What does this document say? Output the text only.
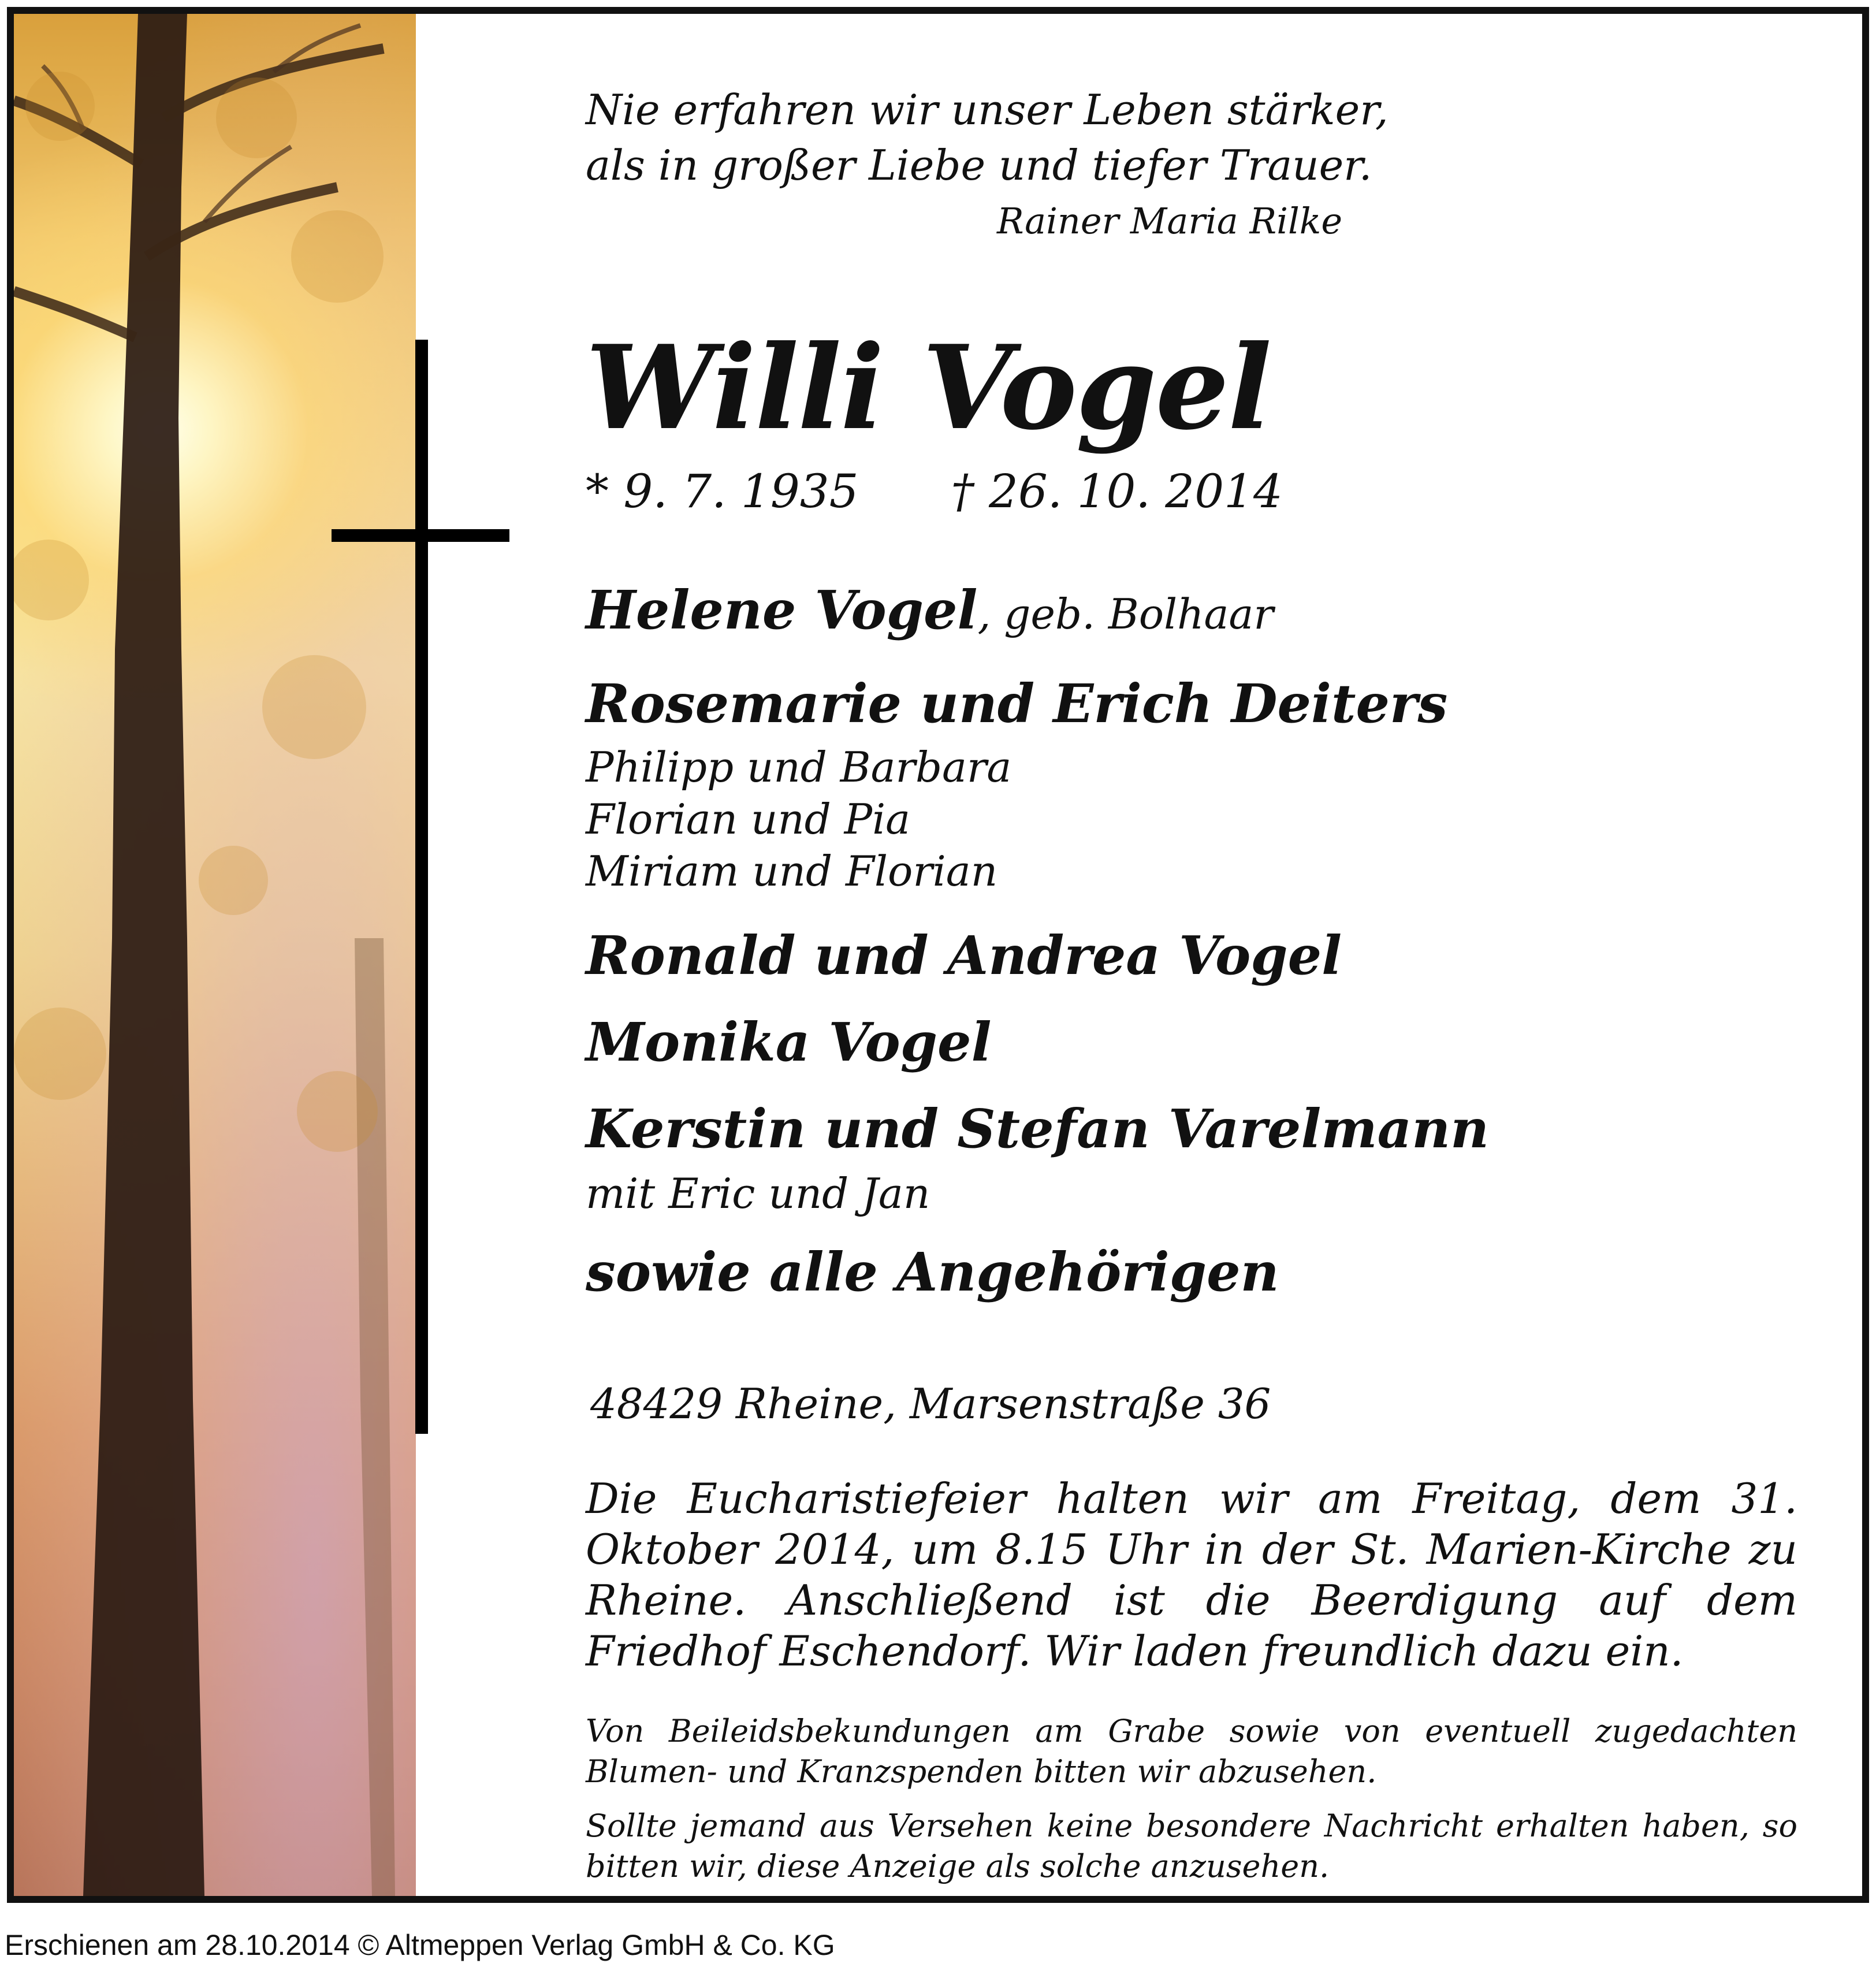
Nie erfahren wir unser Leben stärker,
als in großer Liebe und tiefer Trauer.
Rainer Maria Rilke
Willi Vogel
* 9. 7. 1935 † 26. 10. 2014
Helene Vogel, geb. Bolhaar
Rosemarie und Erich Deiters
Philipp und Barbara
Florian und Pia
Miriam und Florian
Ronald und Andrea Vogel
Monika Vogel
Kerstin und Stefan Varelmann
mit Eric und Jan
sowie alle Angehörigen
48429 Rheine, Marsenstraße 36
Die Eucharistiefeier halten wir am Freitag, dem 31. Oktober 2014, um 8.15 Uhr in der St. Marien-Kirche zu Rheine. Anschließend ist die Beerdigung auf dem Friedhof Eschendorf. Wir laden freundlich dazu ein.
Von Beileidsbekundungen am Grabe sowie von eventuell zugedachten Blumen- und Kranzspenden bitten wir abzusehen.
Sollte jemand aus Versehen keine besondere Nachricht erhalten haben, so bitten wir, diese Anzeige als solche anzusehen.
Erschienen am 28.10.2014 © Altmeppen Verlag GmbH & Co. KG
